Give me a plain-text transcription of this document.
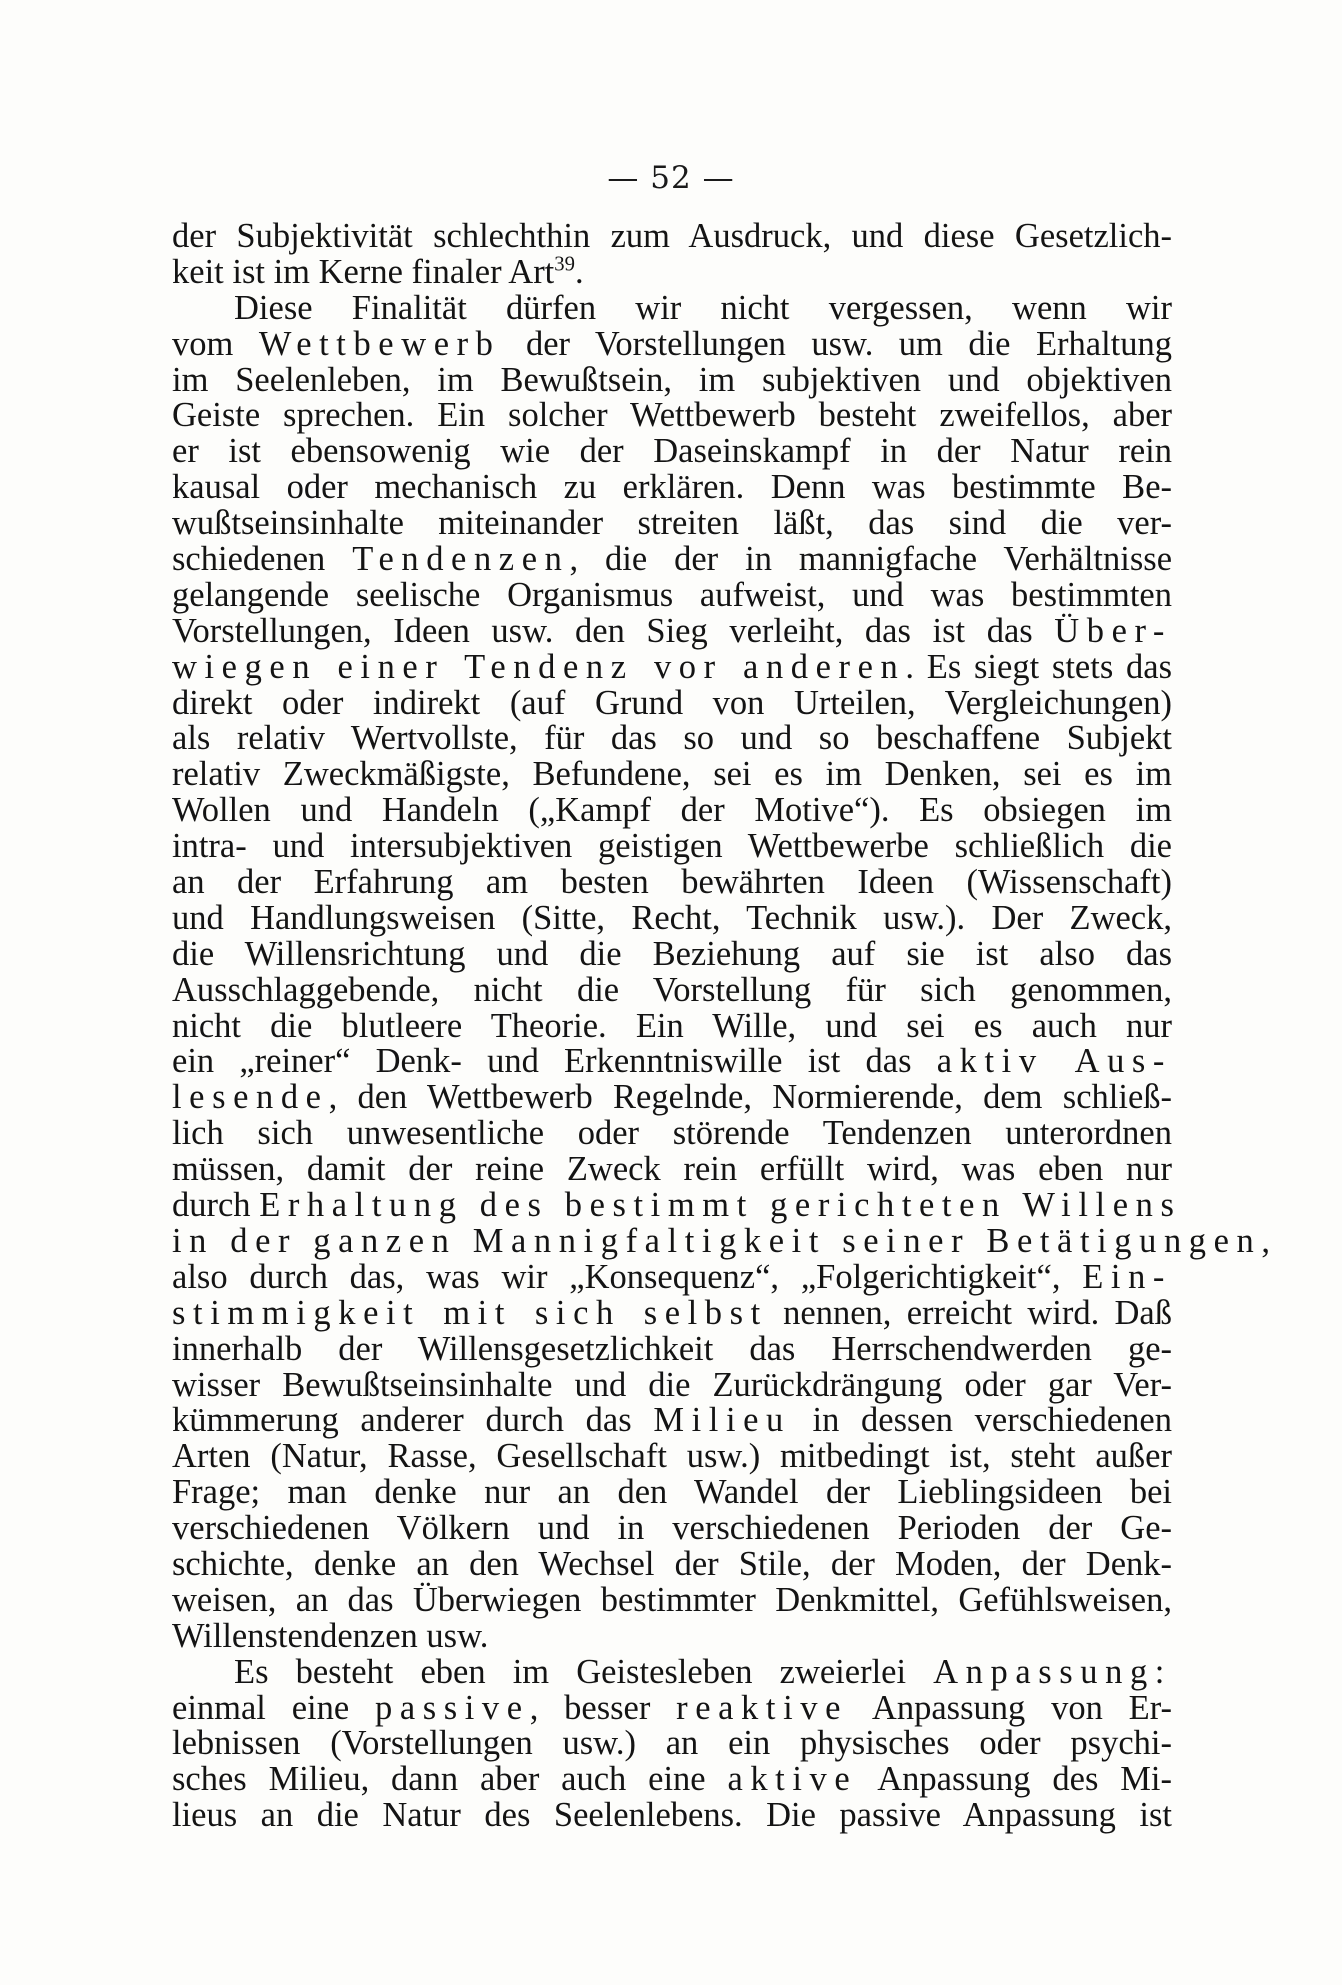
— 52 —
der Subjektivität schlechthin zum Ausdruck, und diese Gesetzlich-
keit ist im Kerne finaler Art$^{39}$.
Diese Finalität dürfen wir nicht vergessen, wenn wir
vom Wettbewerb der Vorstellungen usw. um die Erhaltung
im Seelenleben, im Bewußtsein, im subjektiven und objektiven
Geiste sprechen. Ein solcher Wettbewerb besteht zweifellos, aber
er ist ebensowenig wie der Daseinskampf in der Natur rein
kausal oder mechanisch zu erklären. Denn was bestimmte Be-
wußtseinsinhalte miteinander streiten läßt, das sind die ver-
schiedenen Tendenzen, die der in mannigfache Verhältnisse
gelangende seelische Organismus aufweist, und was bestimmten
Vorstellungen, Ideen usw. den Sieg verleiht, das ist das Über-
wiegen einer Tendenz vor anderen. Es siegt stets das
direkt oder indirekt (auf Grund von Urteilen, Vergleichungen)
als relativ Wertvollste, für das so und so beschaffene Subjekt
relativ Zweckmäßigste, Befundene, sei es im Denken, sei es im
Wollen und Handeln („Kampf der Motive“). Es obsiegen im
intra- und intersubjektiven geistigen Wettbewerbe schließlich die
an der Erfahrung am besten bewährten Ideen (Wissenschaft)
und Handlungsweisen (Sitte, Recht, Technik usw.). Der Zweck,
die Willensrichtung und die Beziehung auf sie ist also das
Ausschlaggebende, nicht die Vorstellung für sich genommen,
nicht die blutleere Theorie. Ein Wille, und sei es auch nur
ein „reiner“ Denk- und Erkenntniswille ist das aktiv Aus-
lesende, den Wettbewerb Regelnde, Normierende, dem schließ-
lich sich unwesentliche oder störende Tendenzen unterordnen
müssen, damit der reine Zweck rein erfüllt wird, was eben nur
durch Erhaltung des bestimmt gerichteten Willens
in der ganzen Mannigfaltigkeit seiner Betätigungen,
also durch das, was wir „Konsequenz“, „Folgerichtigkeit“, Ein-
stimmigkeit mit sich selbst nennen, erreicht wird. Daß
innerhalb der Willensgesetzlichkeit das Herrschendwerden ge-
wisser Bewußtseinsinhalte und die Zurückdrängung oder gar Ver-
kümmerung anderer durch das Milieu in dessen verschiedenen
Arten (Natur, Rasse, Gesellschaft usw.) mitbedingt ist, steht außer
Frage; man denke nur an den Wandel der Lieblingsideen bei
verschiedenen Völkern und in verschiedenen Perioden der Ge-
schichte, denke an den Wechsel der Stile, der Moden, der Denk-
weisen, an das Überwiegen bestimmter Denkmittel, Gefühlsweisen,
Willenstendenzen usw.
Es besteht eben im Geistesleben zweierlei Anpassung:
einmal eine passive, besser reaktive Anpassung von Er-
lebnissen (Vorstellungen usw.) an ein physisches oder psychi-
sches Milieu, dann aber auch eine aktive Anpassung des Mi-
lieus an die Natur des Seelenlebens. Die passive Anpassung ist
